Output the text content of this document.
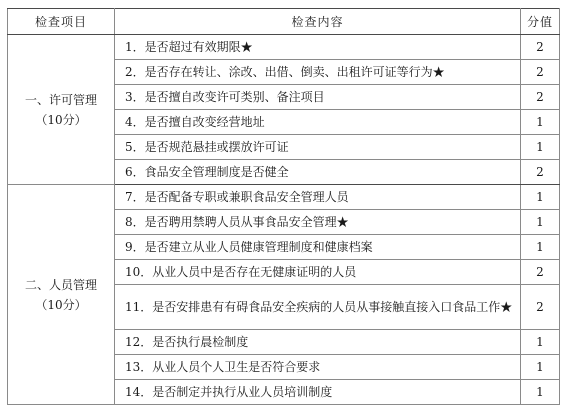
检查项目	检查内容	分值

一、许可管理
（10分）	1．是否超过有效期限★	2
	2．是否存在转让、涂改、出借、倒卖、出租许可证等行为★	2
	3．是否擅自改变许可类别、备注项目	2
	4．是否擅自改变经营地址	1
	5．是否规范悬挂或摆放许可证	1
	6．食品安全管理制度是否健全	2

二、人员管理
（10分）	7．是否配备专职或兼职食品安全管理人员	1
	8．是否聘用禁聘人员从事食品安全管理★	1
	9．是否建立从业人员健康管理制度和健康档案	1
	10．从业人员中是否存在无健康证明的人员	2
	11．是否安排患有有碍食品安全疾病的人员从事接触直接入口食品工作★	2
	12．是否执行晨检制度	1
	13．从业人员个人卫生是否符合要求	1
	14．是否制定并执行从业人员培训制度	1
